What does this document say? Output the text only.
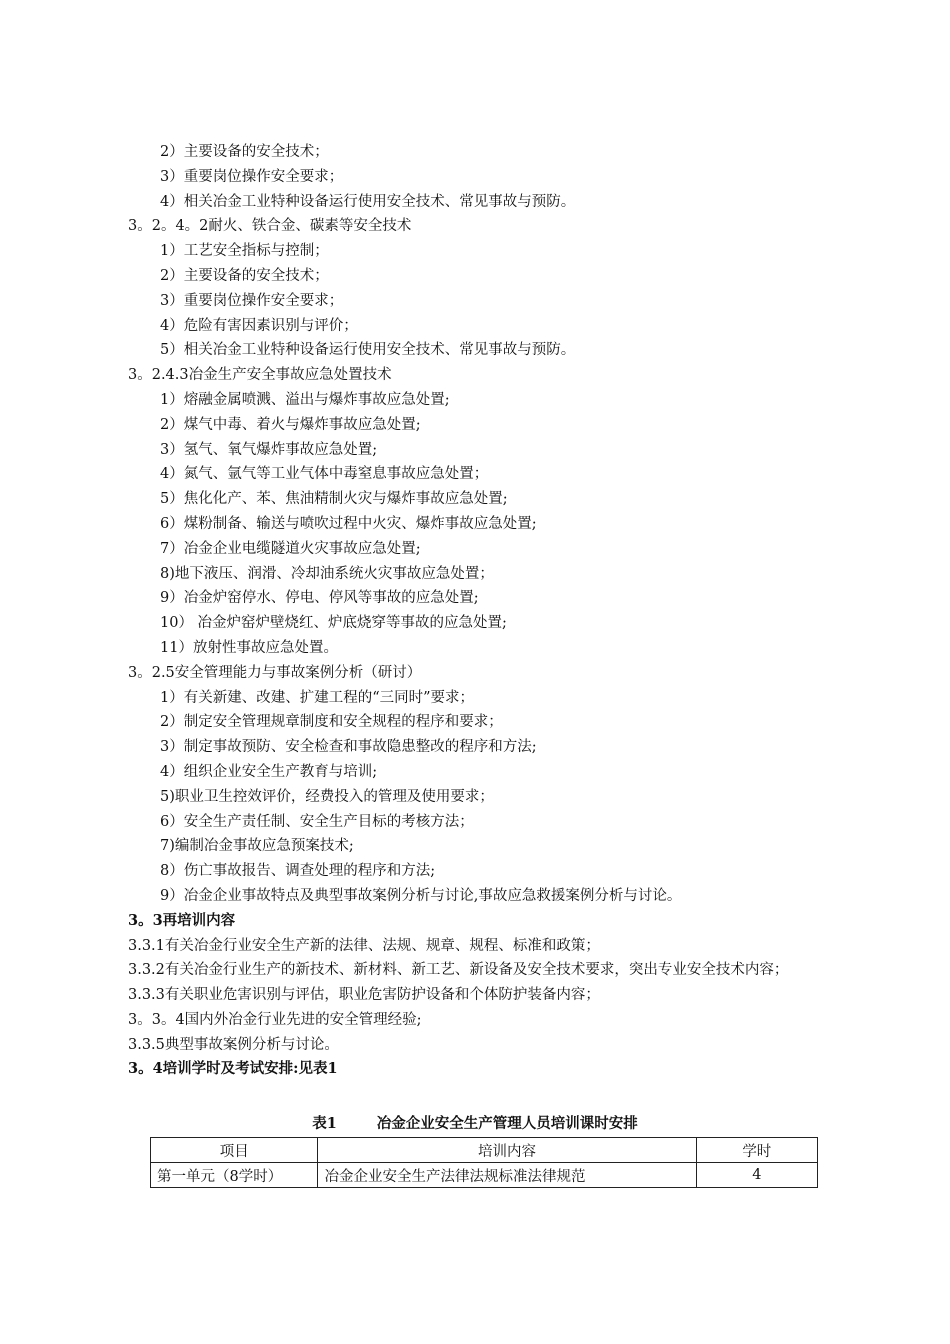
2）主要设备的安全技术；
3）重要岗位操作安全要求；
4）相关冶金工业特种设备运行使用安全技术、常见事故与预防。
3。2。4。2耐火、铁合金、碳素等安全技术
1）工艺安全指标与控制；
2）主要设备的安全技术；
3）重要岗位操作安全要求；
4）危险有害因素识别与评价；
5）相关冶金工业特种设备运行使用安全技术、常见事故与预防。
3。2.4.3冶金生产安全事故应急处置技术
1）熔融金属喷溅、溢出与爆炸事故应急处置;
2）煤气中毒、着火与爆炸事故应急处置;
3）氢气、氧气爆炸事故应急处置;
4）氮气、氩气等工业气体中毒窒息事故应急处置；
5）焦化化产、苯、焦油精制火灾与爆炸事故应急处置;
6）煤粉制备、输送与喷吹过程中火灾、爆炸事故应急处置;
7）冶金企业电缆隧道火灾事故应急处置;
8)地下液压、润滑、冷却油系统火灾事故应急处置；
9）冶金炉窑停水、停电、停风等事故的应急处置;
10） 冶金炉窑炉壁烧红、炉底烧穿等事故的应急处置;
11）放射性事故应急处置。
3。2.5安全管理能力与事故案例分析（研讨）
1）有关新建、改建、扩建工程的“三同时”要求；
2）制定安全管理规章制度和安全规程的程序和要求；
3）制定事故预防、安全检查和事故隐患整改的程序和方法;
4）组织企业安全生产教育与培训;
5)职业卫生控效评价，经费投入的管理及使用要求；
6）安全生产责任制、安全生产目标的考核方法；
7)编制冶金事故应急预案技术;
8）伤亡事故报告、调查处理的程序和方法;
9）冶金企业事故特点及典型事故案例分析与讨论,事故应急救援案例分析与讨论。
3。3再培训内容
3.3.1有关冶金行业安全生产新的法律、法规、规章、规程、标准和政策；
3.3.2有关冶金行业生产的新技术、新材料、新工艺、新设备及安全技术要求，突出专业安全技术内容；
3.3.3有关职业危害识别与评估，职业危害防护设备和个体防护装备内容；
3。3。4国内外冶金行业先进的安全管理经验;
3.3.5典型事故案例分析与讨论。
3。4培训学时及考试安排:见表1
表1	冶金企业安全生产管理人员培训课时安排
项目	培训内容	学时
第一单元（8学时）	冶金企业安全生产法律法规标准法律规范	4
